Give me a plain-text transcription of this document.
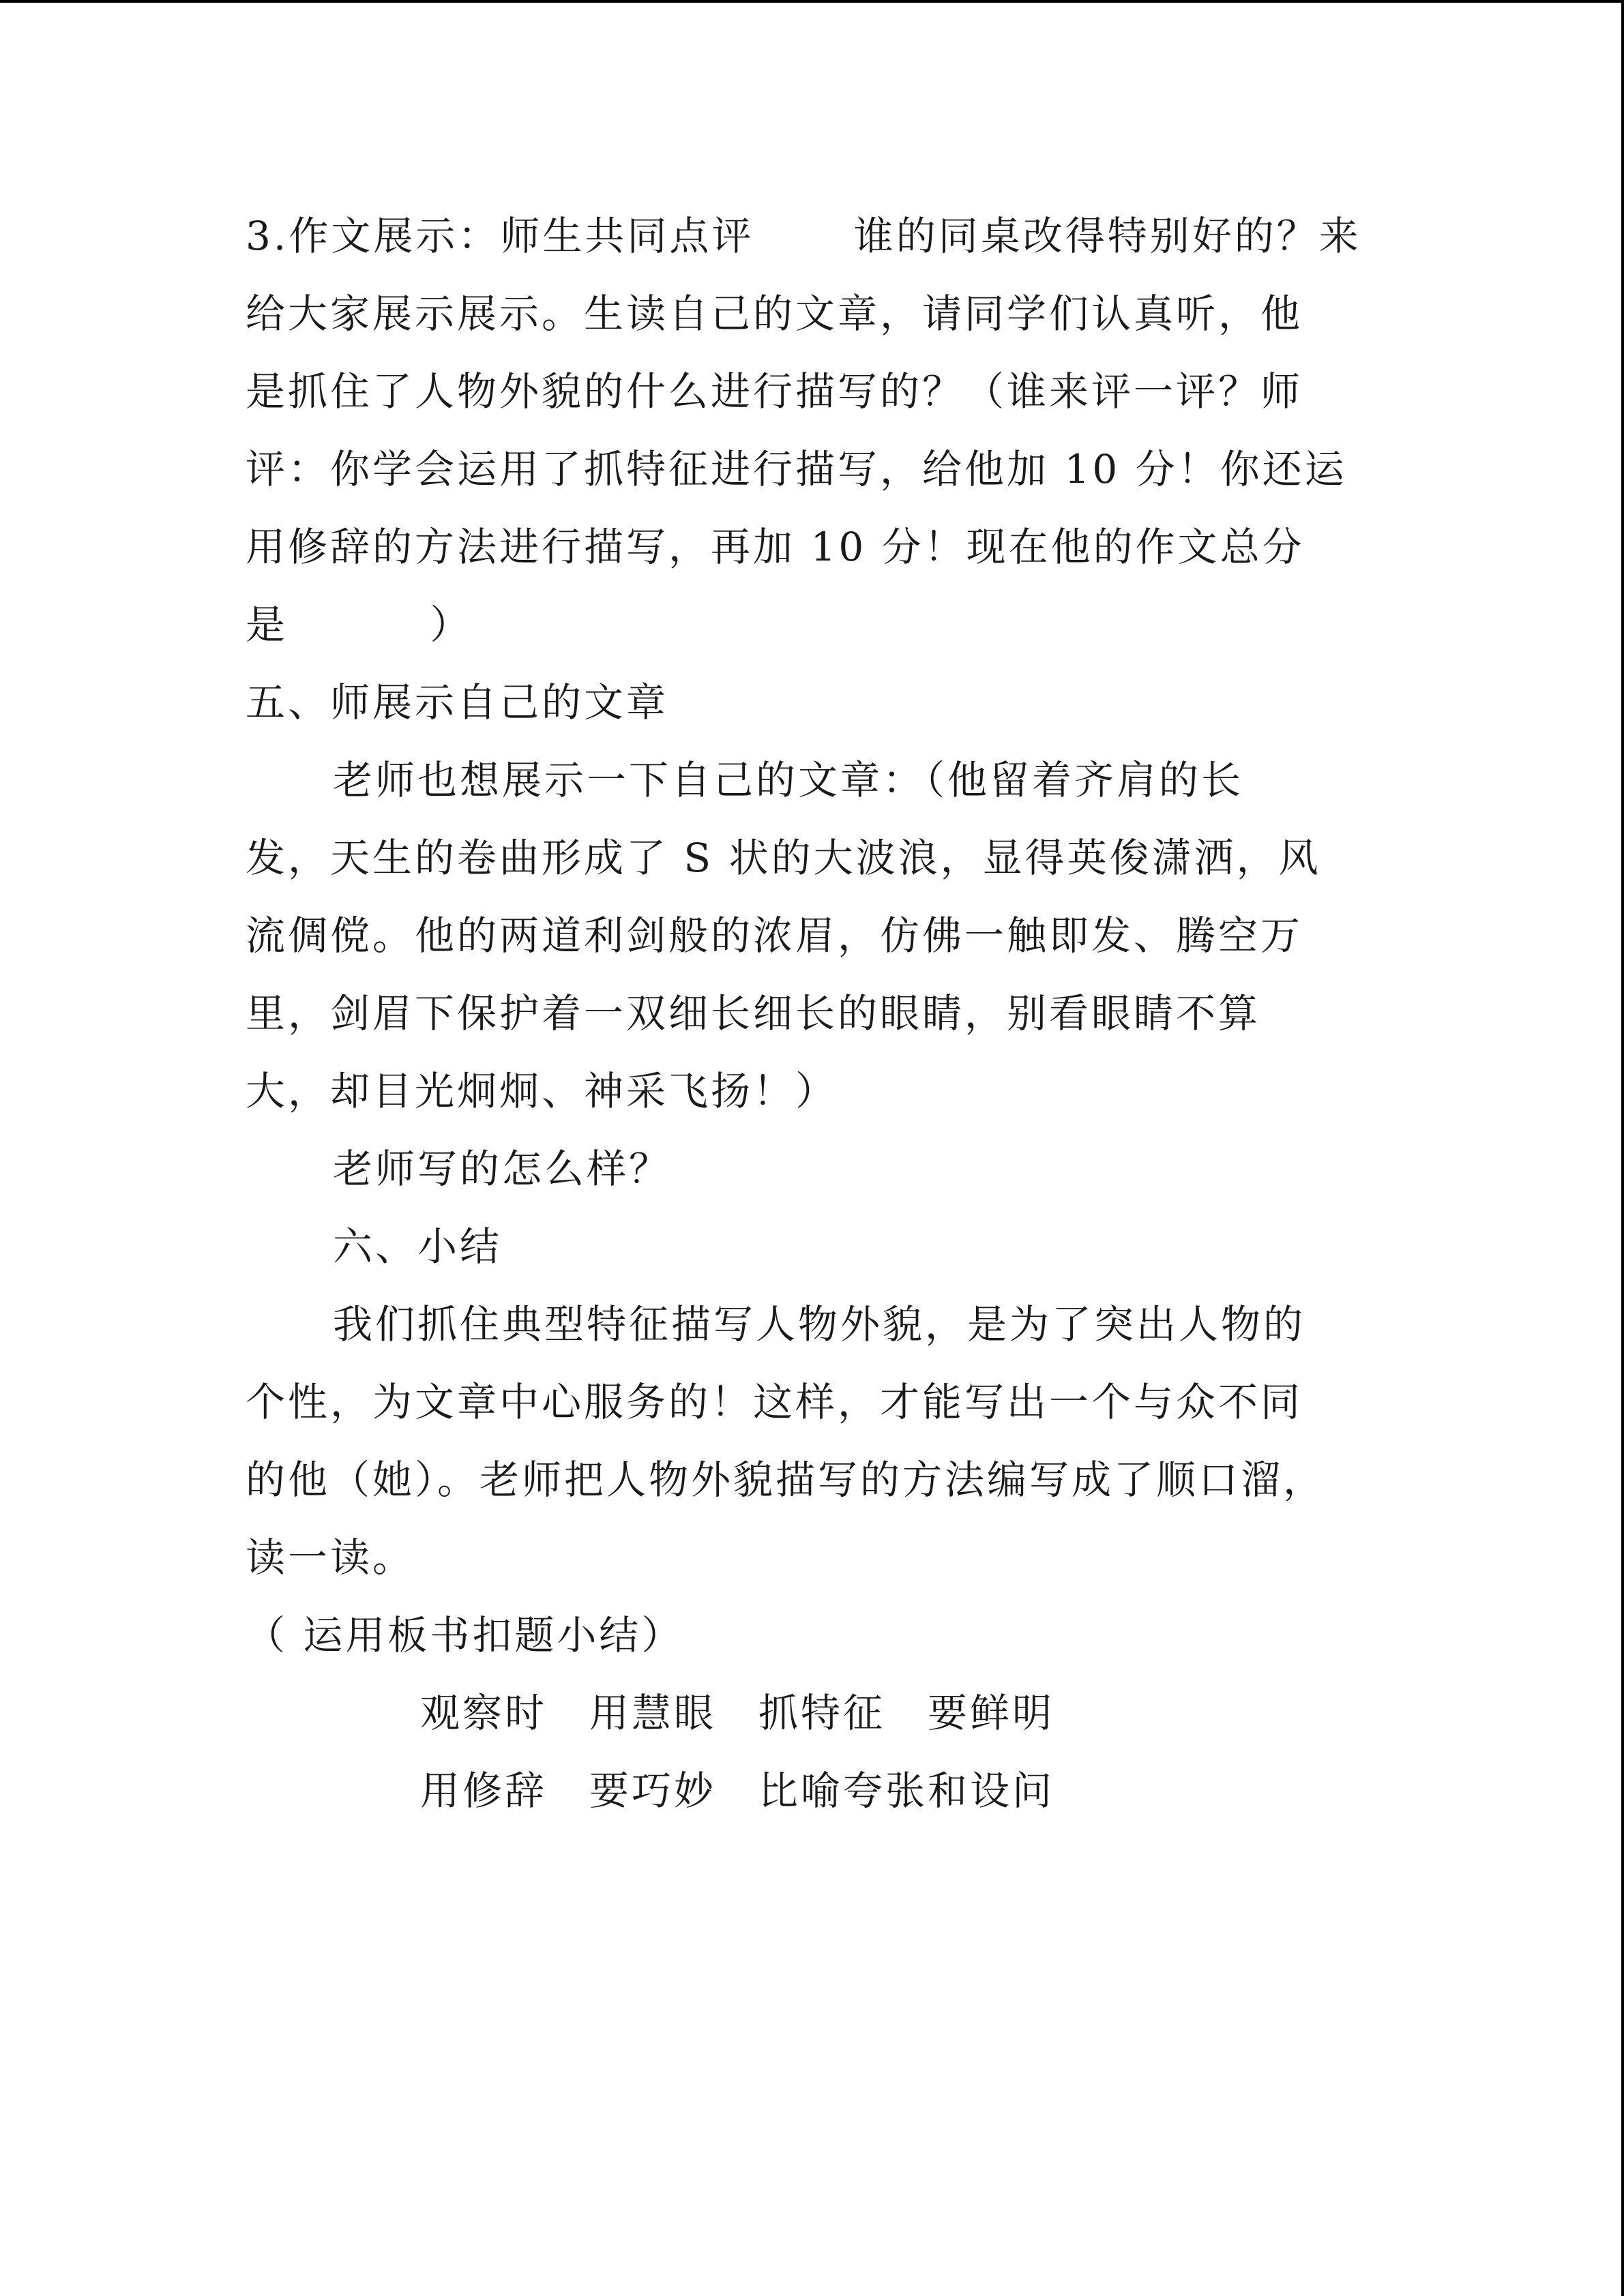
3.作文展示：师生共同点评　　 谁的同桌改得特别好的？来
给大家展示展示。生读自己的文章，请同学们认真听，他
是抓住了人物外貌的什么进行描写的？（谁来评一评？师
评：你学会运用了抓特征进行描写，给他加 10 分！你还运
用修辞的方法进行描写，再加 10 分！现在他的作文总分
是　　　 ）
五、师展示自己的文章
老师也想展示一下自己的文章：（他留着齐肩的长
发，天生的卷曲形成了 S 状的大波浪，显得英俊潇洒，风
流倜傥。他的两道利剑般的浓眉，仿佛一触即发、腾空万
里，剑眉下保护着一双细长细长的眼睛，别看眼睛不算
大，却目光炯炯、神采飞扬！）
老师写的怎么样？
六、小结
我们抓住典型特征描写人物外貌，是为了突出人物的
个性，为文章中心服务的！这样，才能写出一个与众不同
的他（她）。老师把人物外貌描写的方法编写成了顺口溜，
读一读。
（ 运用板书扣题小结）
观察时 用慧眼 抓特征 要鲜明
用修辞 要巧妙 比喻夸张和设问
